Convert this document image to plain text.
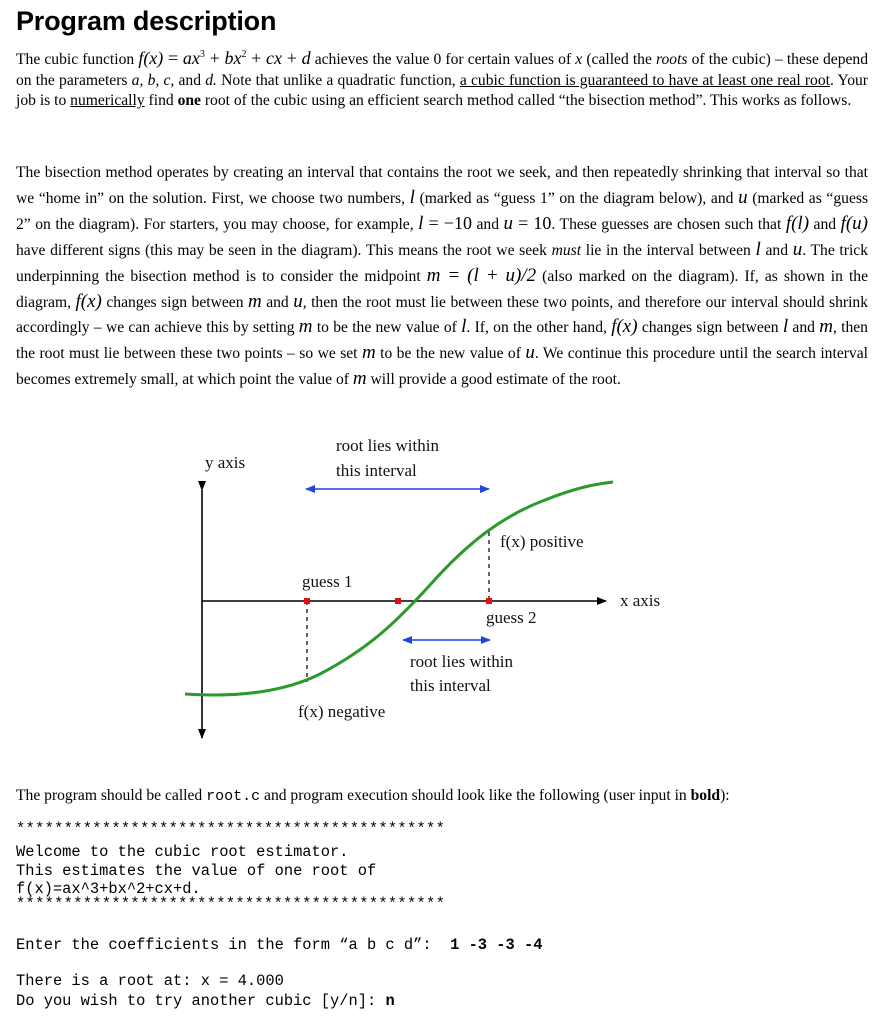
Program description

The cubic function $f(x) = ax^3 + bx^2$ + cx + d achieves the value 0 for certain values of x (called the roots of the cubic) – these depend on the parameters a, b, c, and d. Note that unlike a quadratic function, a cubic function is guaranteed to have at least one real root. Your job is to numerically find one root of the cubic using an efficient search method called “the bisection method”. This works as follows.

The bisection method operates by creating an interval that contains the root we seek, and then repeatedly shrinking that interval so that we “home in” on the solution. First, we choose two numbers, l (marked as “guess 1” on the diagram below), and u (marked as “guess 2” on the diagram). For starters, you may choose, for example, l = −10 and u = 10. These guesses are chosen such that f(l) and f(u) have different signs (this may be seen in the diagram). This means the root we seek must lie in the interval between l and u. The trick underpinning the bisection method is to consider the midpoint m = (l + u)/2 (also marked on the diagram). If, as shown in the diagram, f(x) changes sign between m and u, then the root must lie between these two points, and therefore our interval should shrink accordingly – we can achieve this by setting m to be the new value of l. If, on the other hand, f(x) changes sign between l and m, then the root must lie between these two points – so we set m to be the new value of u. We continue this procedure until the search interval becomes extremely small, at which point the value of m will provide a good estimate of the root.

y axis
root lies within
this interval
f(x) positive
guess 1
x axis
guess 2
root lies within
this interval
f(x) negative

The program should be called root.c and program execution should look like the following (user input in bold):

*********************************************
Welcome to the cubic root estimator.
This estimates the value of one root of
f(x)=ax^3+bx^2+cx+d.
*********************************************
Enter the coefficients in the form “a b c d”:  1 -3 -3 -4
There is a root at: x = 4.000
Do you wish to try another cubic [y/n]: n
